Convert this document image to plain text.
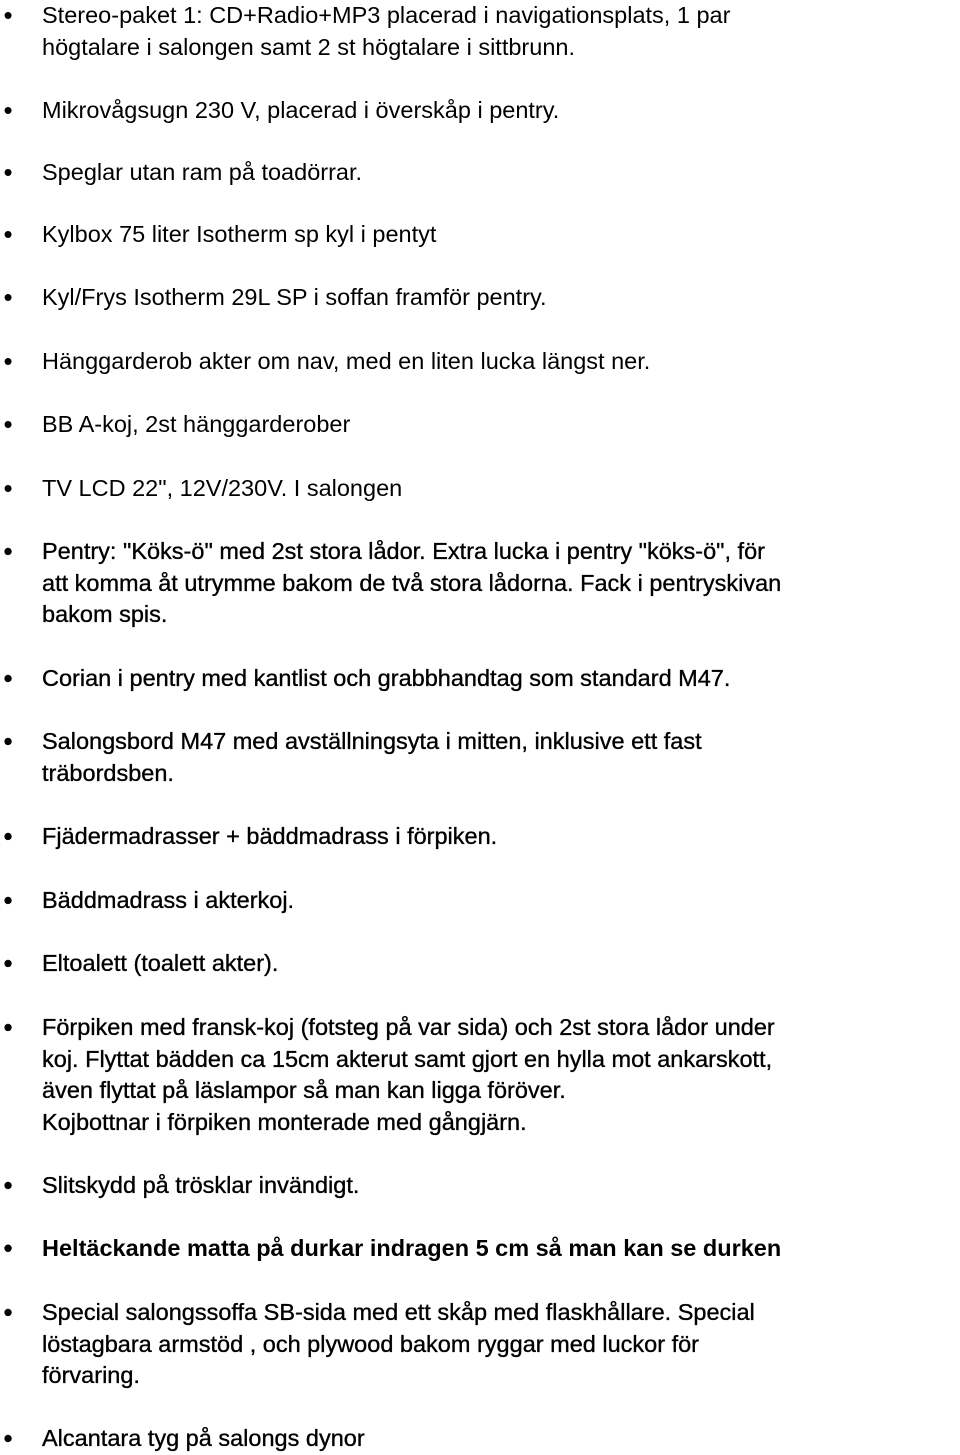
• Stereo-paket 1: CD+Radio+MP3 placerad i navigationsplats, 1 par
högtalare i salongen samt 2 st högtalare i sittbrunn.
• Mikrovågsugn 230 V, placerad i överskåp i pentry.
• Speglar utan ram på toadörrar.
• Kylbox 75 liter Isotherm sp kyl i pentyt
• Kyl/Frys Isotherm 29L SP i soffan framför pentry.
• Hänggarderob akter om nav, med en liten lucka längst ner.
• BB A-koj, 2st hänggarderober
• TV LCD 22", 12V/230V. I salongen
• Pentry: "Köks-ö" med 2st stora lådor. Extra lucka i pentry "köks-ö", för
att komma åt utrymme bakom de två stora lådorna. Fack i pentryskivan
bakom spis.
• Corian i pentry med kantlist och grabbhandtag som standard M47.
• Salongsbord M47 med avställningsyta i mitten, inklusive ett fast
träbordsben.
• Fjädermadrasser + bäddmadrass i förpiken.
• Bäddmadrass i akterkoj.
• Eltoalett (toalett akter).
• Förpiken med fransk-koj (fotsteg på var sida) och 2st stora lådor under
koj. Flyttat bädden ca 15cm akterut samt gjort en hylla mot ankarskott,
även flyttat på läslampor så man kan ligga föröver.
Kojbottnar i förpiken monterade med gångjärn.
• Slitskydd på trösklar invändigt.
• Heltäckande matta på durkar indragen 5 cm så man kan se durken
• Special salongssoffa SB-sida med ett skåp med flaskhållare. Special
löstagbara armstöd , och plywood bakom ryggar med luckor för
förvaring.
• Alcantara tyg på salongs dynor
